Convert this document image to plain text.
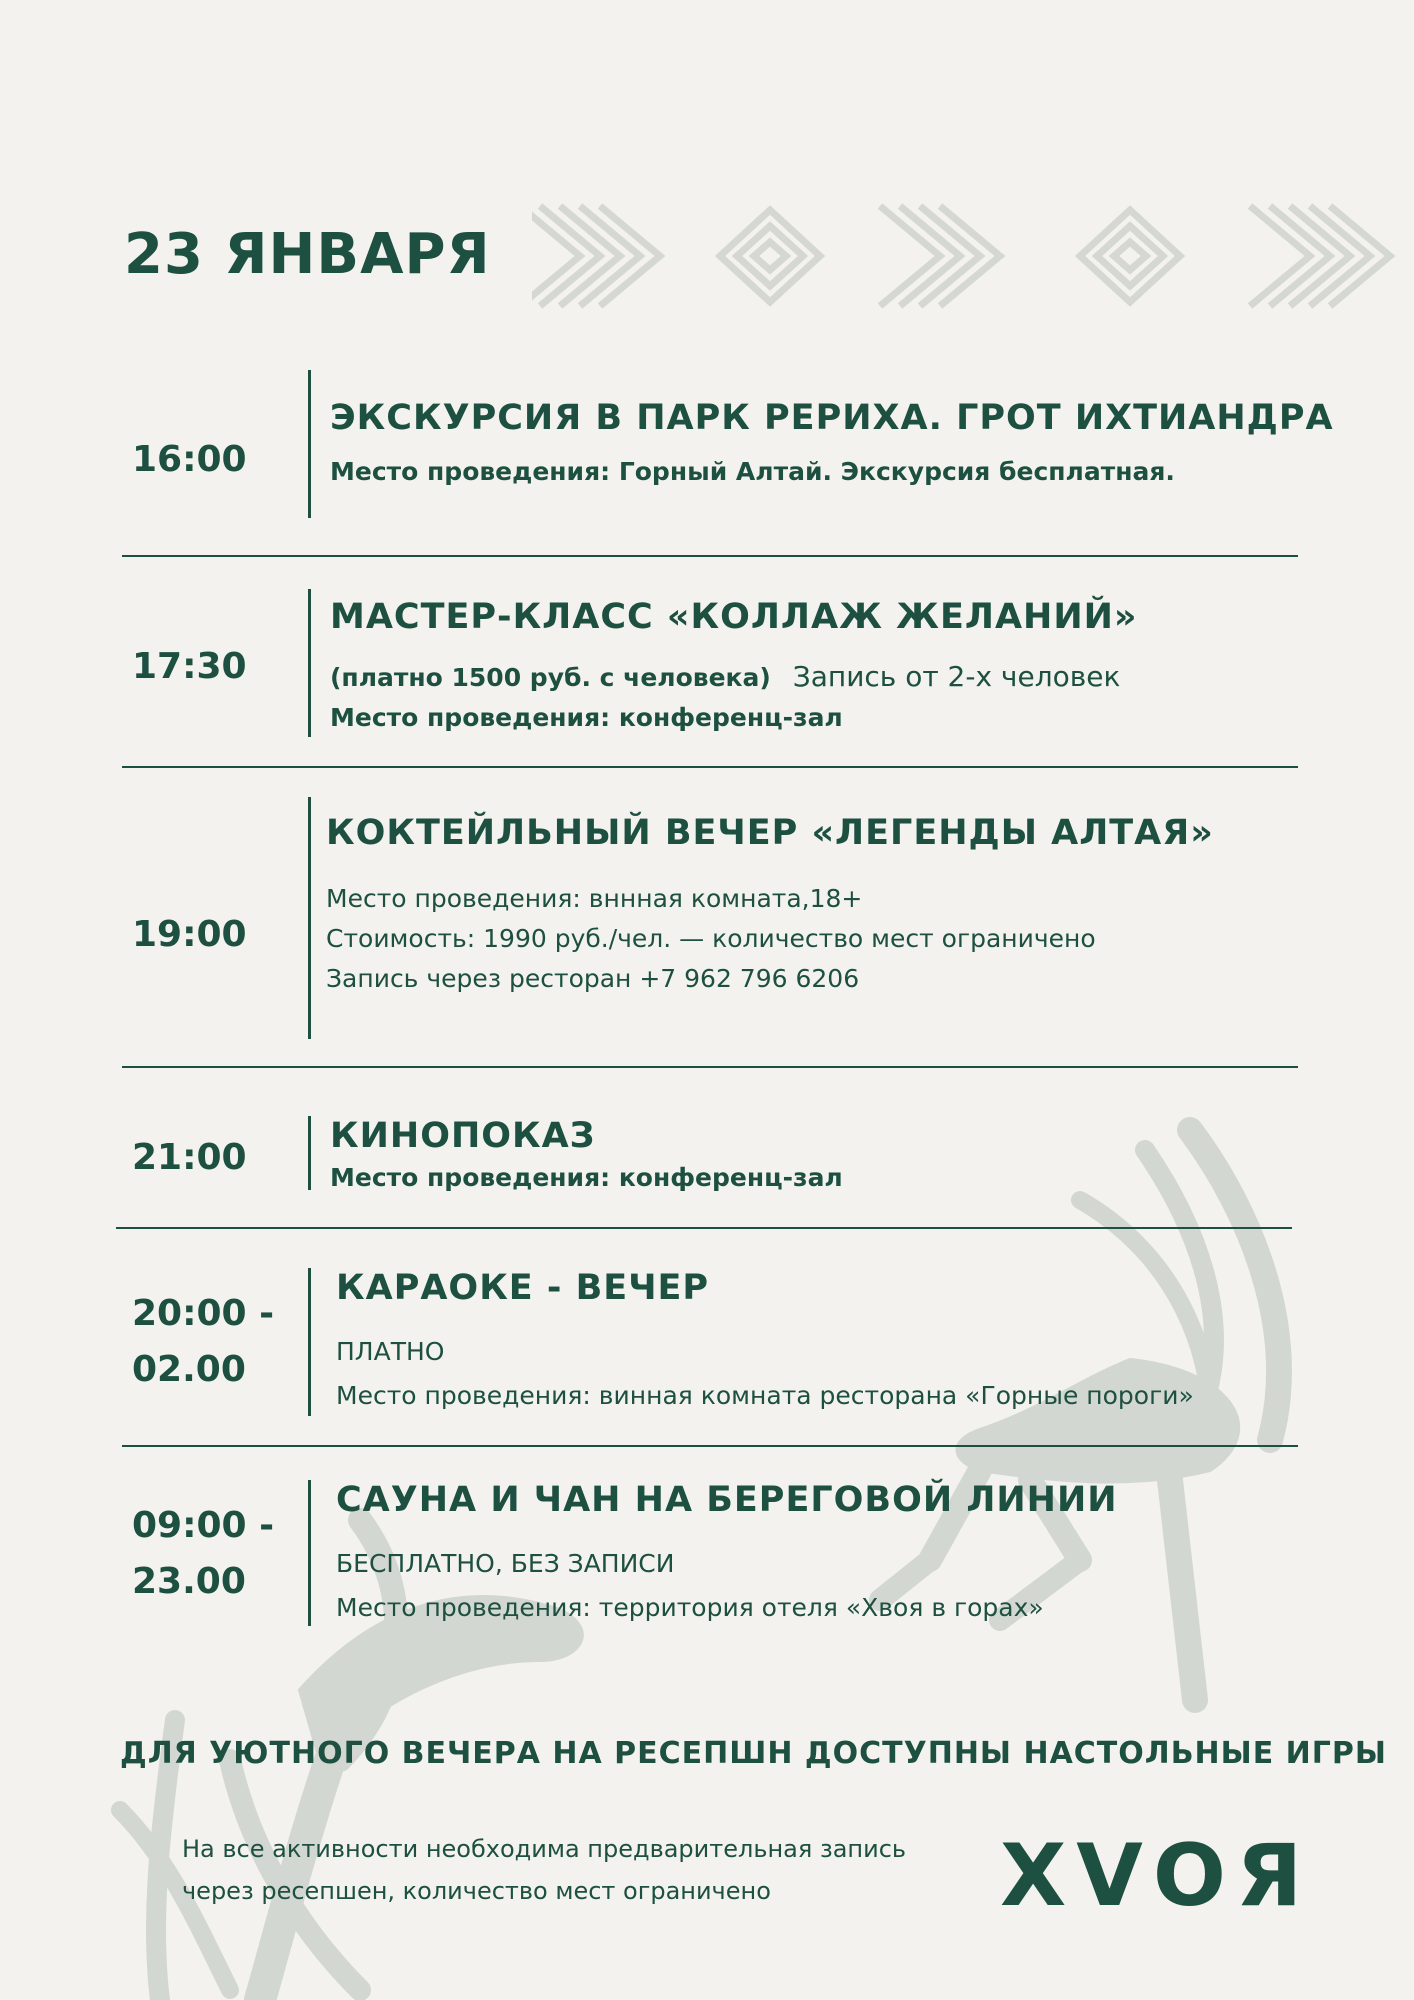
23 ЯНВАРЯ
16:00
ЭКСКУРСИЯ В ПАРК РЕРИХА. ГРОТ ИХТИАНДРА
Место проведения: Горный Алтай. Экскурсия бесплатная.
17:30
МАСТЕР-КЛАСС «КОЛЛАЖ ЖЕЛАНИЙ»
(платно 1500 руб. с человека) Запись от 2-х человек
Место проведения: конференц-зал
19:00
КОКТЕЙЛЬНЫЙ ВЕЧЕР «ЛЕГЕНДЫ АЛТАЯ»
Место проведения: вннная комната,18+
Стоимость: 1990 руб./чел. — количество мест ограничено
Запись через ресторан +7 962 796 6206
21:00
КИНОПОКАЗ
Место проведения: конференц-зал
20:00 -
02.00
КАРАОКЕ - ВЕЧЕР
ПЛАТНО
Место проведения: винная комната ресторана «Горные пороги»
09:00 -
23.00
САУНА И ЧАН НА БЕРЕГОВОЙ ЛИНИИ
БЕСПЛАТНО, БЕЗ ЗАПИСИ
Место проведения: территория отеля «Хвоя в горах»
ДЛЯ УЮТНОГО ВЕЧЕРА НА РЕСЕПШН ДОСТУПНЫ НАСТОЛЬНЫЕ ИГРЫ
На все активности необходима предварительная запись
через ресепшен, количество мест ограничено	ХVОЯ
